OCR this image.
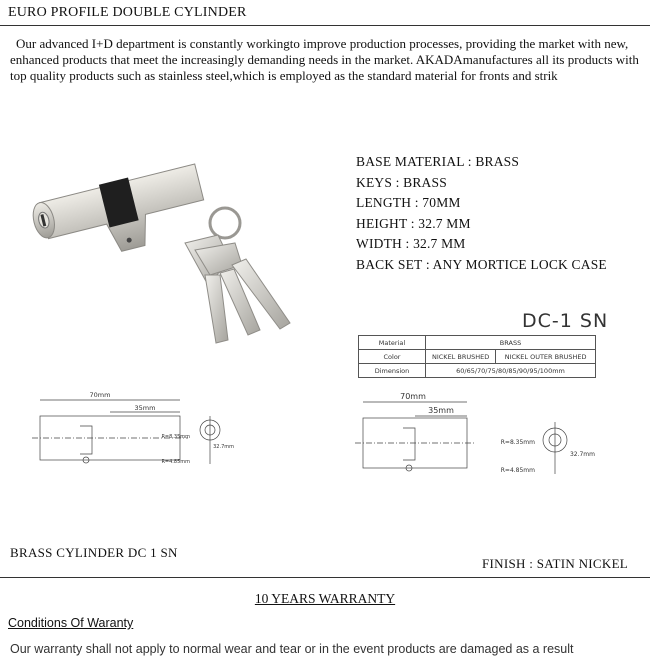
EURO PROFILE DOUBLE CYLINDER

Our advanced I+D department is constantly workingto improve production processes, providing the market with new, enhanced products that meet the increasingly demanding needs in the market. AKADAmanufactures all its products with top quality products such as stainless steel,which is employed as the standard material for fronts and strik

BASE MATERIAL : BRASS
KEYS : BRASS
LENGTH : 70MM
HEIGHT : 32.7 MM
WIDTH : 32.7 MM
BACK SET : ANY MORTICE LOCK CASE
DC-1 SN
Material	BRASS	
Color	NICKEL BRUSHED	NICKEL OUTER BRUSHED
Dimension	60/65/70/75/80/85/90/95/100mm	
70mm
35mm
R=8.35mm
R=4.85mm
32.7mm
70mm
35mm
R=8.35mm
R=4.85mm
32.7mm
BRASS CYLINDER DC 1 SN
FINISH : SATIN NICKEL
10 YEARS WARRANTY
Conditions Of Waranty
Our warranty shall not apply to normal wear and tear or in the event products are damaged as a result
